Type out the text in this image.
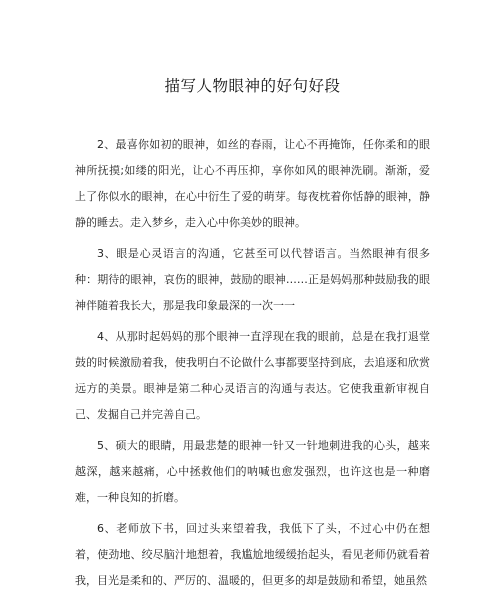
描写人物眼神的好句好段

2、最喜你如初的眼神，如丝的春雨，让心不再掩饰，任你柔和的眼神所抚摸;如缕的阳光，让心不再压抑，享你如风的眼神洗刷。渐渐，爱上了你似水的眼神，在心中衍生了爱的萌芽。每夜枕着你恬静的眼神，静静的睡去。走入梦乡，走入心中你美妙的眼神。

3、眼是心灵语言的沟通，它甚至可以代替语言。当然眼神有很多种：期待的眼神，哀伤的眼神，鼓励的眼神……正是妈妈那种鼓励我的眼神伴随着我长大，那是我印象最深的一次一一

4、从那时起妈妈的那个眼神一直浮现在我的眼前，总是在我打退堂鼓的时候激励着我，使我明白不论做什么事都要坚持到底，去追逐和欣赏远方的美景。眼神是第二种心灵语言的沟通与表达。它使我重新审视自己、发掘自己并完善自己。

5、硕大的眼睛，用最悲楚的眼神一针又一针地刺进我的心头，越来越深，越来越痛，心中拯救他们的呐喊也愈发强烈，也许这也是一种磨难，一种良知的折磨。

6、老师放下书，回过头来望着我，我低下了头，不过心中仍在想着，使劲地、绞尽脑汁地想着，我尴尬地缓缓抬起头，看见老师仍就看着我，目光是柔和的、严厉的、温暖的，但更多的却是鼓励和希望，她虽然
